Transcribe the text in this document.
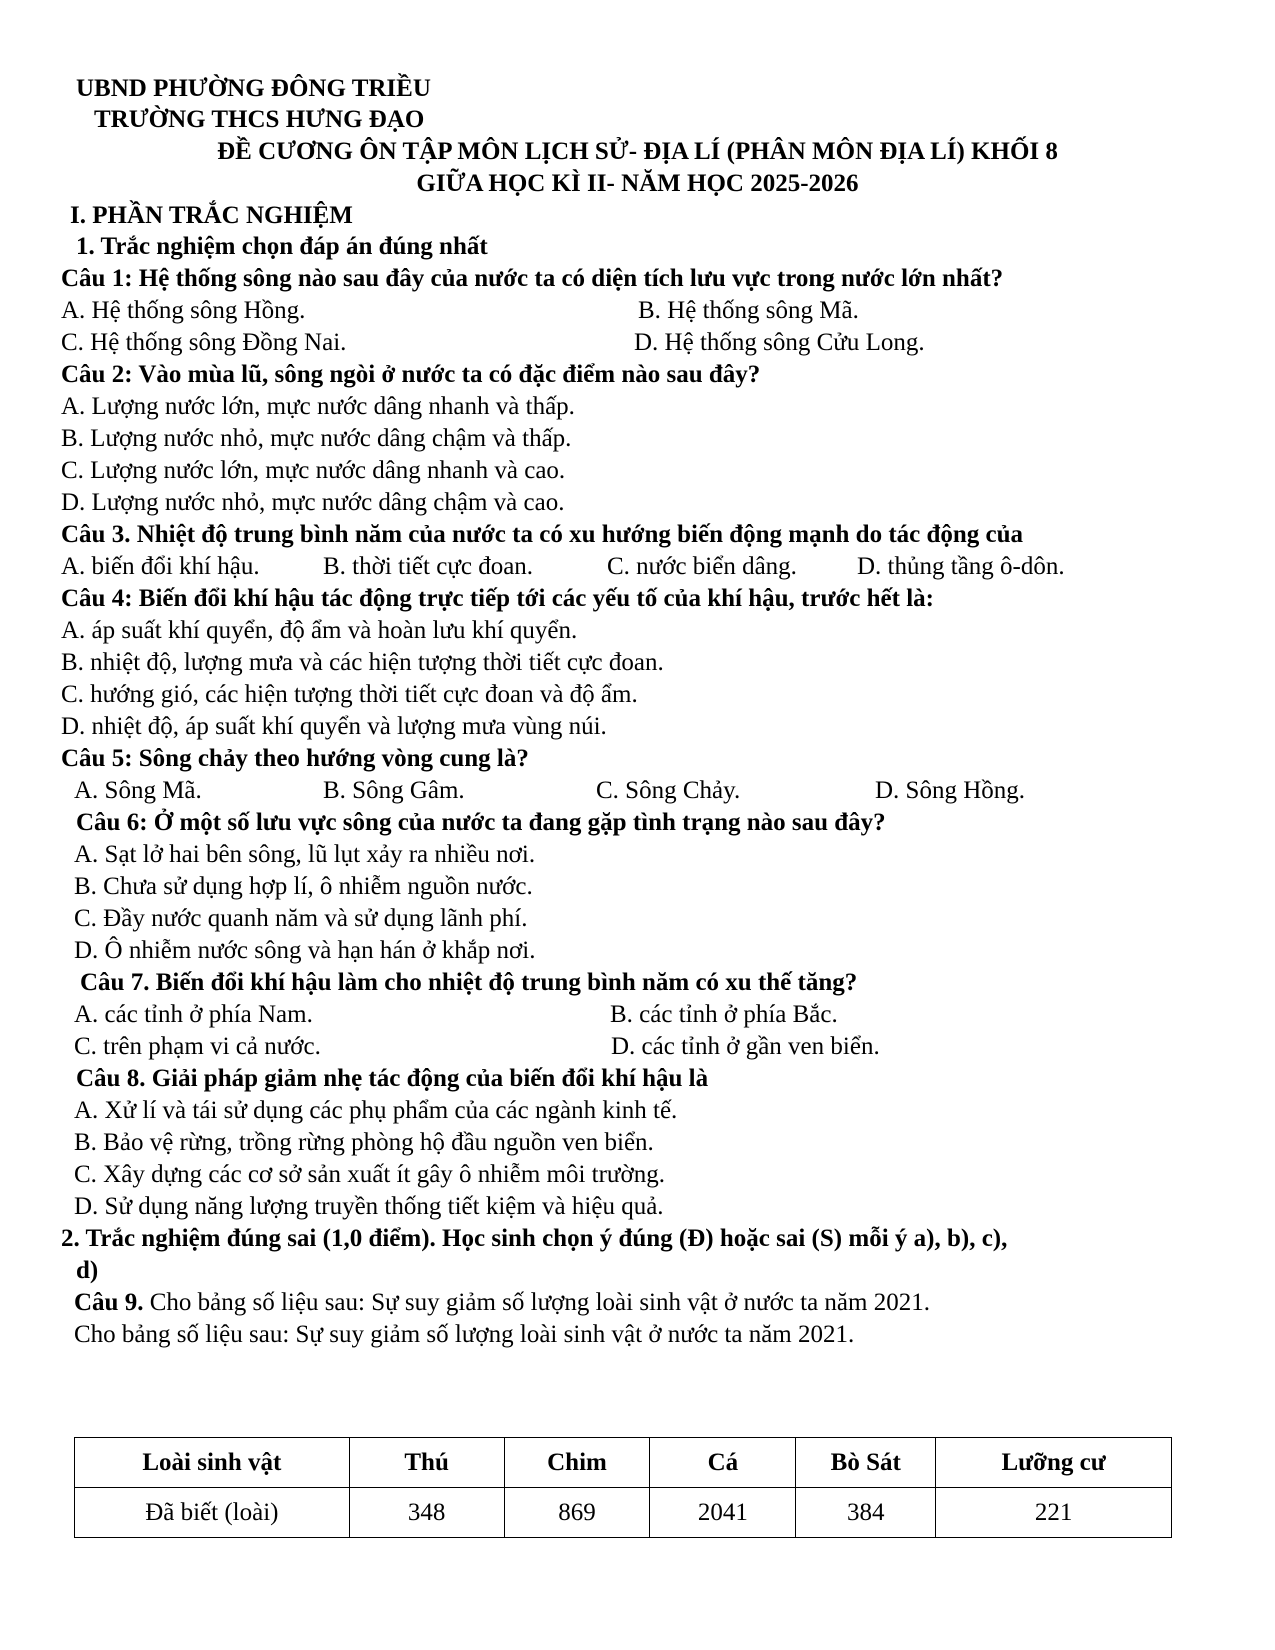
UBND PHƯỜNG ĐÔNG TRIỀU
TRƯỜNG THCS HƯNG ĐẠO
ĐỀ CƯƠNG ÔN TẬP MÔN LỊCH SỬ- ĐỊA LÍ (PHÂN MÔN ĐỊA LÍ) KHỐI 8
GIỮA HỌC KÌ II- NĂM HỌC 2025-2026
I. PHẦN TRẮC NGHIỆM
1. Trắc nghiệm chọn đáp án đúng nhất
Câu 1: Hệ thống sông nào sau đây của nước ta có diện tích lưu vực trong nước lớn nhất?
A. Hệ thống sông Hồng.	B. Hệ thống sông Mã.
C. Hệ thống sông Đồng Nai.	D. Hệ thống sông Cửu Long.
Câu 2: Vào mùa lũ, sông ngòi ở nước ta có đặc điểm nào sau đây?
A. Lượng nước lớn, mực nước dâng nhanh và thấp.
B. Lượng nước nhỏ, mực nước dâng chậm và thấp.
C. Lượng nước lớn, mực nước dâng nhanh và cao.
D. Lượng nước nhỏ, mực nước dâng chậm và cao.
Câu 3. Nhiệt độ trung bình năm của nước ta có xu hướng biến động mạnh do tác động của
A. biến đổi khí hậu.	B. thời tiết cực đoan.	C. nước biển dâng. D. thủng tầng ô-dôn.
Câu 4: Biến đổi khí hậu tác động trực tiếp tới các yếu tố của khí hậu, trước hết là:
A. áp suất khí quyển, độ ẩm và hoàn lưu khí quyển.
B. nhiệt độ, lượng mưa và các hiện tượng thời tiết cực đoan.
C. hướng gió, các hiện tượng thời tiết cực đoan và độ ẩm.
D. nhiệt độ, áp suất khí quyển và lượng mưa vùng núi.
Câu 5: Sông chảy theo hướng vòng cung là?
A. Sông Mã.	B. Sông Gâm.	C. Sông Chảy.	D. Sông Hồng.
Câu 6: Ở một số lưu vực sông của nước ta đang gặp tình trạng nào sau đây?
A. Sạt lở hai bên sông, lũ lụt xảy ra nhiều nơi.
B. Chưa sử dụng hợp lí, ô nhiễm nguồn nước.
C. Đầy nước quanh năm và sử dụng lãnh phí.
D. Ô nhiễm nước sông và hạn hán ở khắp nơi.
Câu 7. Biến đổi khí hậu làm cho nhiệt độ trung bình năm có xu thế tăng?
A. các tỉnh ở phía Nam.	B. các tỉnh ở phía Bắc.
C. trên phạm vi cả nước.	D. các tỉnh ở gần ven biển.
Câu 8. Giải pháp giảm nhẹ tác động của biến đổi khí hậu là
A. Xử lí và tái sử dụng các phụ phẩm của các ngành kinh tế.
B. Bảo vệ rừng, trồng rừng phòng hộ đầu nguồn ven biển.
C. Xây dựng các cơ sở sản xuất ít gây ô nhiễm môi trường.
D. Sử dụng năng lượng truyền thống tiết kiệm và hiệu quả.
2. Trắc nghiệm đúng sai (1,0 điểm). Học sinh chọn ý đúng (Đ) hoặc sai (S) mỗi ý a), b), c),
d)
Câu 9. Cho bảng số liệu sau: Sự suy giảm số lượng loài sinh vật ở nước ta năm 2021.
Cho bảng số liệu sau: Sự suy giảm số lượng loài sinh vật ở nước ta năm 2021.
Loài sinh vật	Thú	Chim	Cá	Bò Sát	Lưỡng cư
Đã biết (loài)	348	869	2041	384	221
